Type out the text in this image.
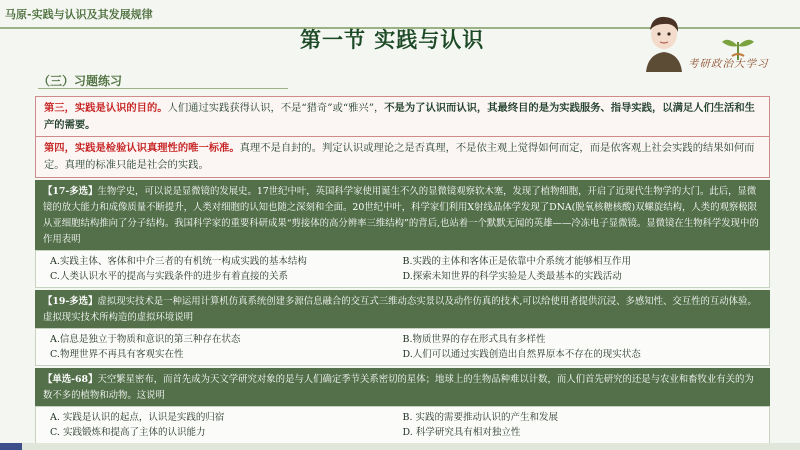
马原-实践与认识及其发展规律
第一节 实践与认识
考研政治大学习
（三）习题练习
第三，实践是认识的目的。人们通过实践获得认识，不是“猎奇”或“雅兴”，不是为了认识而认识，其最终目的是为实践服务、指导实践，以满足人们生活和生产的需要。
第四，实践是检验认识真理性的唯一标准。真理不是自封的。判定认识或理论之是否真理，不是依主观上觉得如何而定，而是依客观上社会实践的结果如何而定。真理的标准只能是社会的实践。
【17-多选】生物学史，可以说是显微镜的发展史。17世纪中叶，英国科学家使用诞生不久的显微镜观察软木塞，发现了植物细胞，开启了近现代生物学的大门。此后，显微镜的放大能力和成像质量不断提升，人类对细胞的认知也随之深刻和全面。20世纪中叶，科学家们利用X射线晶体学发现了DNA(脱氧核糖核酸)双螺旋结构，人类的观察极限从亚细胞结构推向了分子结构。我国科学家的重要科研成果“剪接体的高分辨率三维结构”的背后,也站着一个默默无闻的英雄——冷冻电子显微镜。显微镜在生物科学发现中的作用表明
A.实践主体、客体和中介三者的有机统一构成实践的基本结构	B.实践的主体和客体正是依靠中介系统才能够相互作用
C.人类认识水平的提高与实践条件的进步有着直接的关系	D.探索未知世界的科学实验是人类最基本的实践活动
【19-多选】虚拟现实技术是一种运用计算机仿真系统创建多源信息融合的交互式三维动态实景以及动作仿真的技术,可以给使用者提供沉浸、多感知性、交互性的互动体验。虚拟现实技术所构造的虚拟环境说明
A.信息是独立于物质和意识的第三种存在状态	B.物质世界的存在形式具有多样性
C.物理世界不再具有客观实在性	D.人们可以通过实践创造出自然界原本不存在的现实状态
【单选-68】天空繁星密布，而首先成为天文学研究对象的是与人们确定季节关系密切的星体；地球上的生物品种难以计数，而人们首先研究的还是与农业和畜牧业有关的为数不多的植物和动物。这说明
A. 实践是认识的起点，认识是实践的归宿	B. 实践的需要推动认识的产生和发展
C. 实践锻炼和提高了主体的认识能力	D. 科学研究具有相对独立性
